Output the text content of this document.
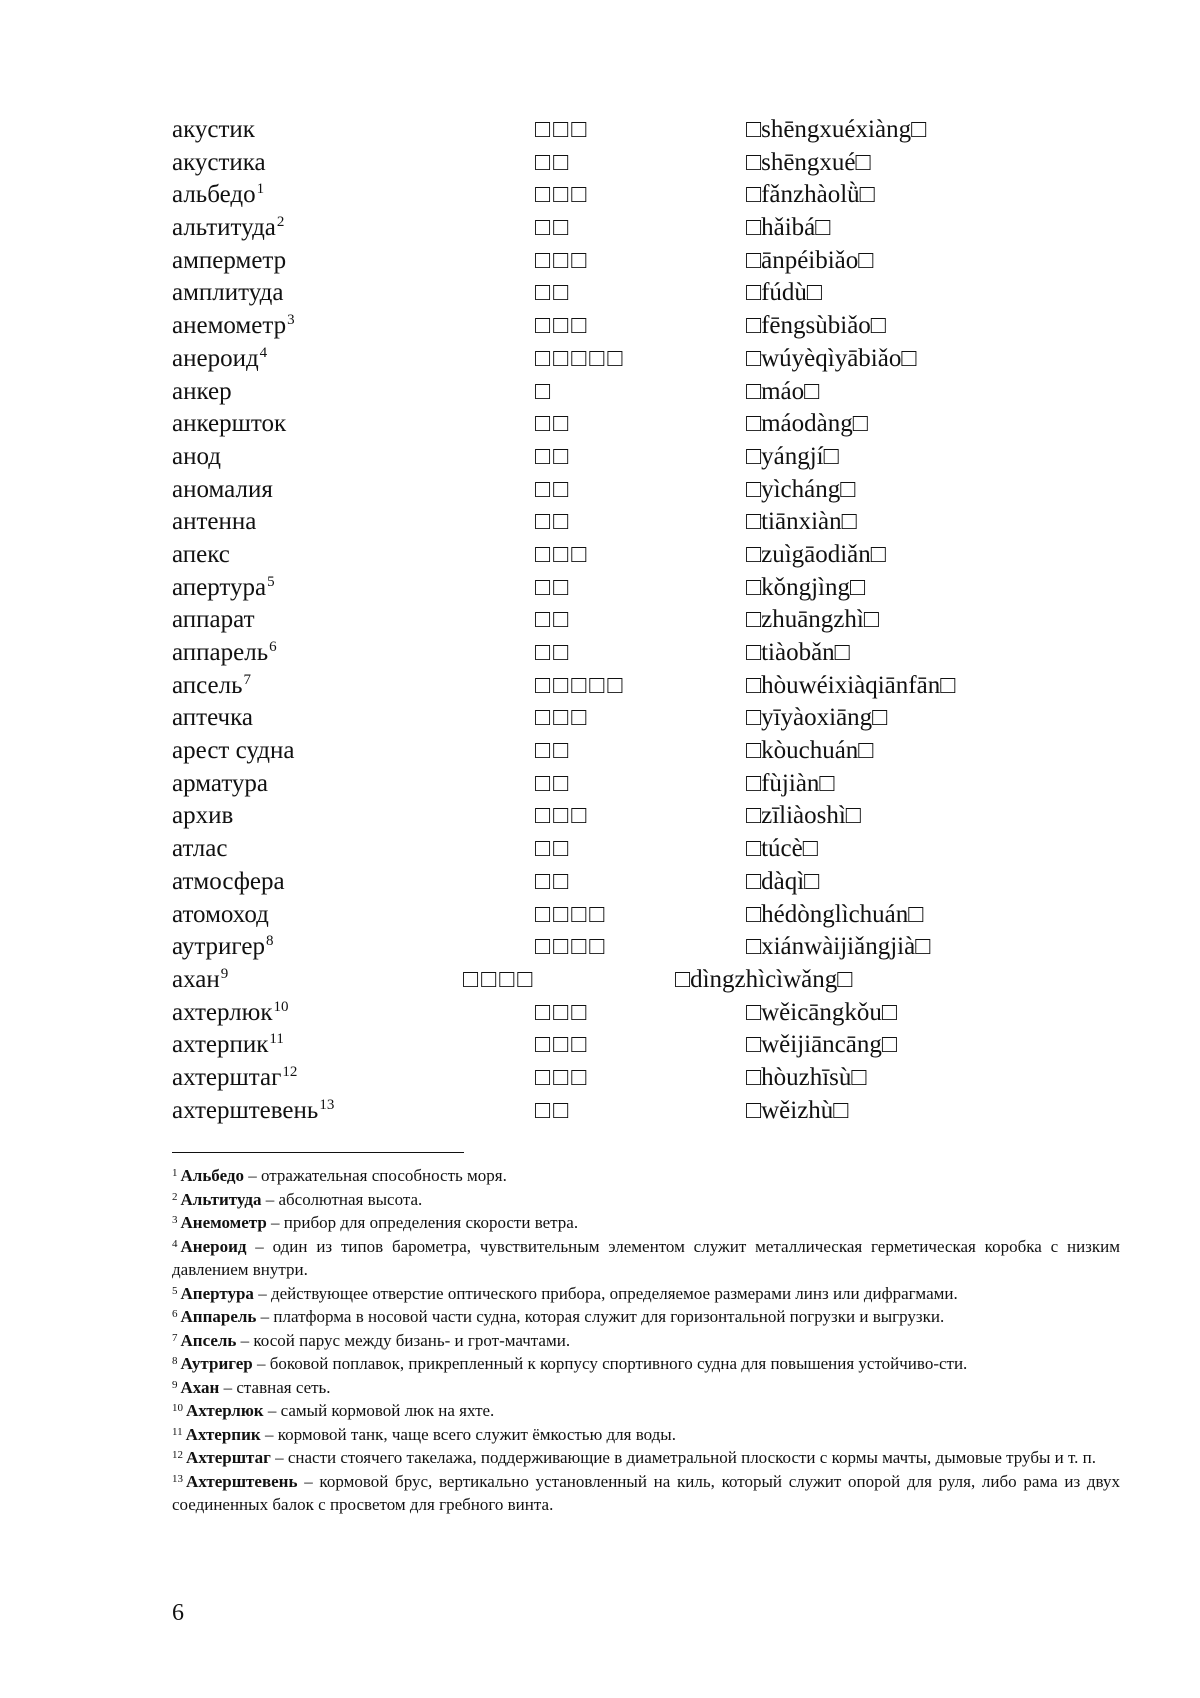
акустик	□□□	□shēngxuéxiàng□
акустика	□□	□shēngxué□
альбедо$^1$	□□□	□fǎnzhàolǜ□
альтитуда$^2$	□□	□hǎibá□
амперметр	□□□	□ānpéibiǎo□
амплитуда	□□	□fúdù□
анемометр$^3$	□□□	□fēngsùbiǎo□
анероид$^4$	□□□□□	□wúyèqìyābiǎo□
анкер	□	□máo□
анкершток	□□	□máodàng□
анод	□□	□yángjí□
аномалия	□□	□yìcháng□
антенна	□□	□tiānxiàn□
апекс	□□□	□zuìgāodiǎn□
апертура$^5$	□□	□kǒngjìng□
аппарат	□□	□zhuāngzhì□
аппарель$^6$	□□	□tiàobǎn□
апсель$^7$	□□□□□	□hòuwéixiàqiānfān□
аптечка	□□□	□yīyàoxiāng□
арест судна	□□	□kòuchuán□
арматура	□□	□fùjiàn□
архив	□□□	□zīliàoshì□
атлас	□□	□túcè□
атмосфера	□□	□dàqì□
атомоход	□□□□	□hédònglìchuán□
аутригер$^8$	□□□□	□xiánwàijiǎngjià□
ахан$^9$	□□□□	□dìngzhìcìwǎng□
ахтерлюк$^{10}$	□□□	□wěicāngkǒu□
ахтерпик$^{11}$	□□□	□wěijiāncāng□
ахтерштаг$^{12}$	□□□	□hòuzhīsù□
ахтерштевень$^{13}$	□□	□wěizhù□
$^1$ Альбедо – отражательная способность моря.
$^2$ Альтитуда – абсолютная высота.
$^3$ Анемометр – прибор для определения скорости ветра.
$^4$ Анероид – один из типов барометра, чувствительным элементом служит металлическая герметическая коробка с низким давлением внутри.
$^5$ Апертура – действующее отверстие оптического прибора, определяемое размерами линз или дифрагмами.
$^6$ Аппарель – платформа в носовой части судна, которая служит для горизонтальной погрузки и выгрузки.
$^7$ Апсель – косой парус между бизань- и грот-мачтами.
$^8$ Аутригер – боковой поплавок, прикрепленный к корпусу спортивного судна для повышения устойчиво-сти.
$^9$ Ахан – ставная сеть.
$^{10}$ Ахтерлюк – самый кормовой люк на яхте.
$^{11}$ Ахтерпик – кормовой танк, чаще всего служит ёмкостью для воды.
$^{12}$ Ахтерштаг – снасти стоячего такелажа, поддерживающие в диаметральной плоскости с кормы мачты, дымовые трубы и т. п.
$^{13}$ Ахтерштевень – кормовой брус, вертикально установленный на киль, который служит опорой для руля, либо рама из двух соединенных балок с просветом для гребного винта.
6
